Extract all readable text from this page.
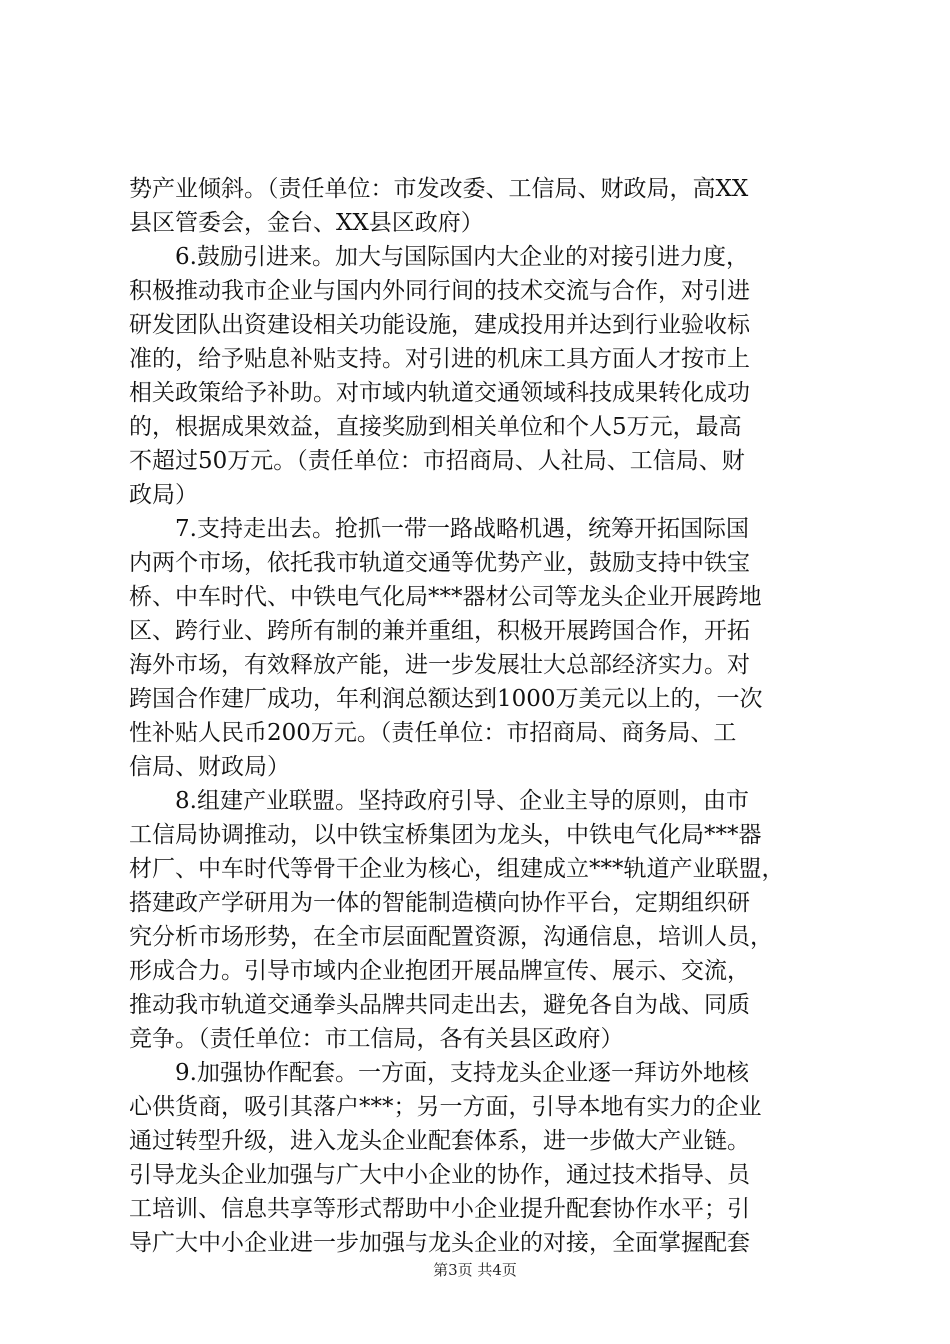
势产业倾斜。（责任单位：市发改委、工信局、财政局，高XX
县区管委会，金台、XX县区政府）
6.鼓励引进来。加大与国际国内大企业的对接引进力度，
积极推动我市企业与国内外同行间的技术交流与合作，对引进
研发团队出资建设相关功能设施，建成投用并达到行业验收标
准的，给予贴息补贴支持。对引进的机床工具方面人才按市上
相关政策给予补助。对市域内轨道交通领域科技成果转化成功
的，根据成果效益，直接奖励到相关单位和个人5万元，最高
不超过50万元。（责任单位：市招商局、人社局、工信局、财
政局）
7.支持走出去。抢抓一带一路战略机遇，统筹开拓国际国
内两个市场，依托我市轨道交通等优势产业，鼓励支持中铁宝
桥、中车时代、中铁电气化局***器材公司等龙头企业开展跨地
区、跨行业、跨所有制的兼并重组，积极开展跨国合作，开拓
海外市场，有效释放产能，进一步发展壮大总部经济实力。对
跨国合作建厂成功，年利润总额达到1000万美元以上的，一次
性补贴人民币200万元。（责任单位：市招商局、商务局、工
信局、财政局）
8.组建产业联盟。坚持政府引导、企业主导的原则，由市
工信局协调推动，以中铁宝桥集团为龙头，中铁电气化局***器
材厂、中车时代等骨干企业为核心，组建成立***轨道产业联盟，
搭建政产学研用为一体的智能制造横向协作平台，定期组织研
究分析市场形势，在全市层面配置资源，沟通信息，培训人员，
形成合力。引导市域内企业抱团开展品牌宣传、展示、交流，
推动我市轨道交通拳头品牌共同走出去，避免各自为战、同质
竞争。（责任单位：市工信局，各有关县区政府）
9.加强协作配套。一方面，支持龙头企业逐一拜访外地核
心供货商，吸引其落户***；另一方面，引导本地有实力的企业
通过转型升级，进入龙头企业配套体系，进一步做大产业链。
引导龙头企业加强与广大中小企业的协作，通过技术指导、员
工培训、信息共享等形式帮助中小企业提升配套协作水平；引
导广大中小企业进一步加强与龙头企业的对接，全面掌握配套
第3页 共4页
